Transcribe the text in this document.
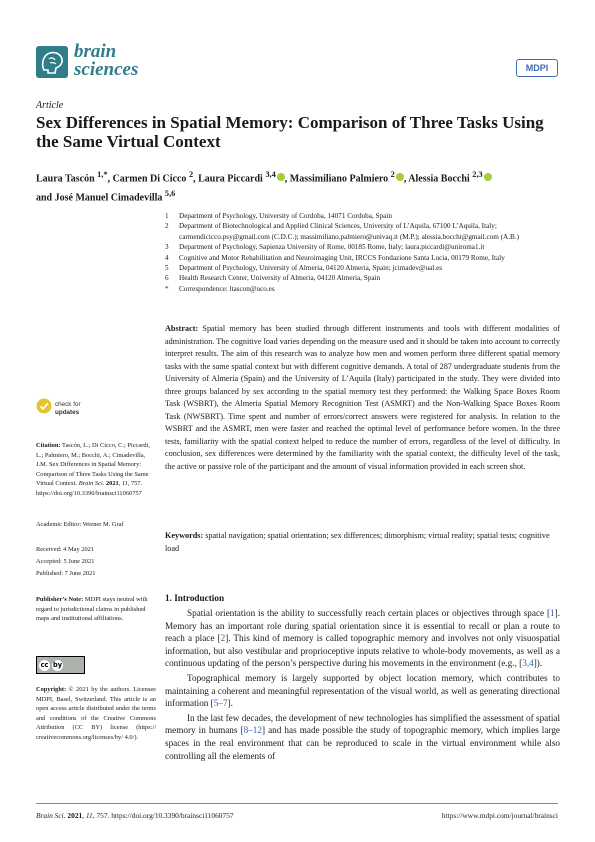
brain
sciences	MDPI
Article
Sex Differences in Spatial Memory: Comparison of Three Tasks Using the Same Virtual Context
Laura Tascón $^{1,*}$, Carmen Di Cicco $^2$, Laura Piccardi $^{3,4}$ , Massimiliano Palmiero $^2$ , Alessia Bocchi $^{2,3}$
and José Manuel Cimadevilla $^{5,6}$
1	Department of Psychology, University of Cordoba, 14071 Cordoba, Spain
2	Department of Biotechnological and Applied Clinical Sciences, University of L’Aquila, 67100 L’Aquila, Italy; carmendicicco.psy@gmail.com (C.D.C.); massimiliano.palmiero@univaq.it (M.P.); alessia.bocchi@gmail.com (A.B.)
3	Department of Psychology, Sapienza University of Rome, 00185 Rome, Italy; laura.piccardi@uniroma1.it
4	Cognitive and Motor Rehabilitation and Neuroimaging Unit, IRCCS Fondazione Santa Lucia, 00179 Rome, Italy
5	Department of Psychology, University of Almeria, 04120 Almeria, Spain; jcimadev@ual.es
6	Health Research Center, University of Almeria, 04120 Almeria, Spain
*	Correspondence: ltascon@uco.es
Abstract: Spatial memory has been studied through different instruments and tools with different modalities of administration. The cognitive load varies depending on the measure used and it should be taken into account to correctly interpret results. The aim of this research was to analyze how men and women perform three different spatial memory tasks with the same spatial context but with different cognitive demands. A total of 287 undergraduate students from the University of Almeria (Spain) and the University of L’Aquila (Italy) participated in the study. They were divided into three groups balanced by sex according to the spatial memory test they performed: the Walking Space Boxes Room Task (WSBRT), the Almeria Spatial Memory Recognition Test (ASMRT) and the Non-Walking Space Boxes Room Task (NWSBRT). Time spent and number of errors/correct answers were registered for analysis. In relation to the WSBRT and the ASMRT, men were faster and reached the optimal level of performance before women. In the three tests, familiarity with the spatial context helped to reduce the number of errors, regardless of the level of difficulty. In conclusion, sex differences were determined by the familiarity with the spatial context, the difficulty level of the task, the active or passive role of the participant and the amount of visual information provided in each screen shot.
Keywords: spatial navigation; spatial orientation; sex differences; dimorphism; virtual reality; spatial tests; cognitive load
check for
updates
Citation: Tascón, L.; Di Cicco, C.; Piccardi, L.; Palmiero, M.; Bocchi, A.; Cimadevilla, J.M. Sex Differences in Spatial Memory: Comparison of Three Tasks Using the Same Virtual Context. Brain Sci. 2021, 11, 757. https://doi.org/10.3390/brainsci11060757
Academic Editor: Werner M. Graf
Received: 4 May 2021
Accepted: 5 June 2021
Published: 7 June 2021
Publisher’s Note: MDPI stays neutral with regard to jurisdictional claims in published maps and institutional affiliations.
cc by
Copyright: © 2021 by the authors. Licensee MDPI, Basel, Switzerland. This article is an open access article distributed under the terms and conditions of the Creative Commons Attribution (CC BY) license (https:// creativecommons.org/licenses/by/ 4.0/).
1. Introduction

Spatial orientation is the ability to successfully reach certain places or objectives through space [1]. Memory has an important role during spatial orientation since it is essential to recall or plan a route to reach a place [2]. This kind of memory is called topographic memory and involves not only visuospatial information, but also vestibular and proprioceptive inputs relative to whole-body movements, as well as a continuous updating of the person’s perspective during his movements in the environment (e.g., [3,4]).

Topographical memory is largely supported by object location memory, which contributes to maintaining a coherent and meaningful representation of the visual world, as well as generating directional information [5–7].

In the last few decades, the development of new technologies has simplified the assessment of spatial memory in humans [8–12] and has made possible the study of topographic memory, which implies large spaces in the real environment that can be reproduced to scale in the virtual environment while also controlling all the elements of

Brain Sci. 2021, 11, 757. https://doi.org/10.3390/brainsci11060757	https://www.mdpi.com/journal/brainsci
